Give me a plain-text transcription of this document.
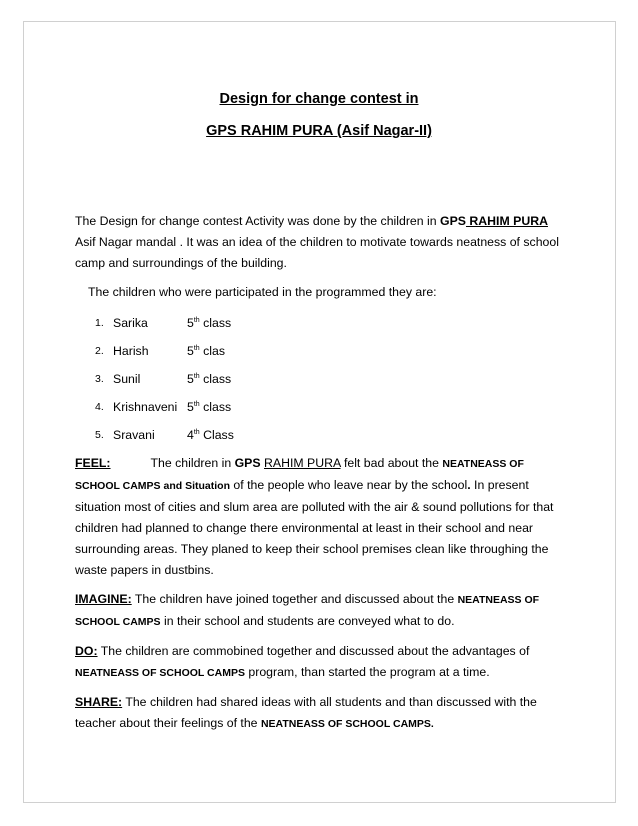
Design for change contest in
GPS RAHIM PURA (Asif Nagar-II)

The Design for change contest Activity was done by the children in GPS RAHIM PURA Asif Nagar mandal . It was an idea of the children to motivate towards neatness of school camp and surroundings of the building.

The children who were participated in the programmed they are:

1. Sarika	5th class
2. Harish	5th clas
3. Sunil	5th class
4. Krishnaveni 5th class
5. Sravani	4th Class

FEEL:	The children in GPS RAHIM PURA felt bad about the NEATNEASS OF SCHOOL CAMPS and Situation of the people who leave near by the school. In present situation most of cities and slum area are polluted with the air & sound pollutions for that children had planned to change there environmental at least in their school and near surrounding areas. They planed to keep their school premises clean like throughing the waste papers in dustbins.

IMAGINE: The children have joined together and discussed about the NEATNEASS OF SCHOOL CAMPS in their school and students are conveyed what to do.

DO: The children are commobined together and discussed about the advantages of NEATNEASS OF SCHOOL CAMPS program, than started the program at a time.

SHARE: The children had shared ideas with all students and than discussed with the teacher about their feelings of the NEATNEASS OF SCHOOL CAMPS.
